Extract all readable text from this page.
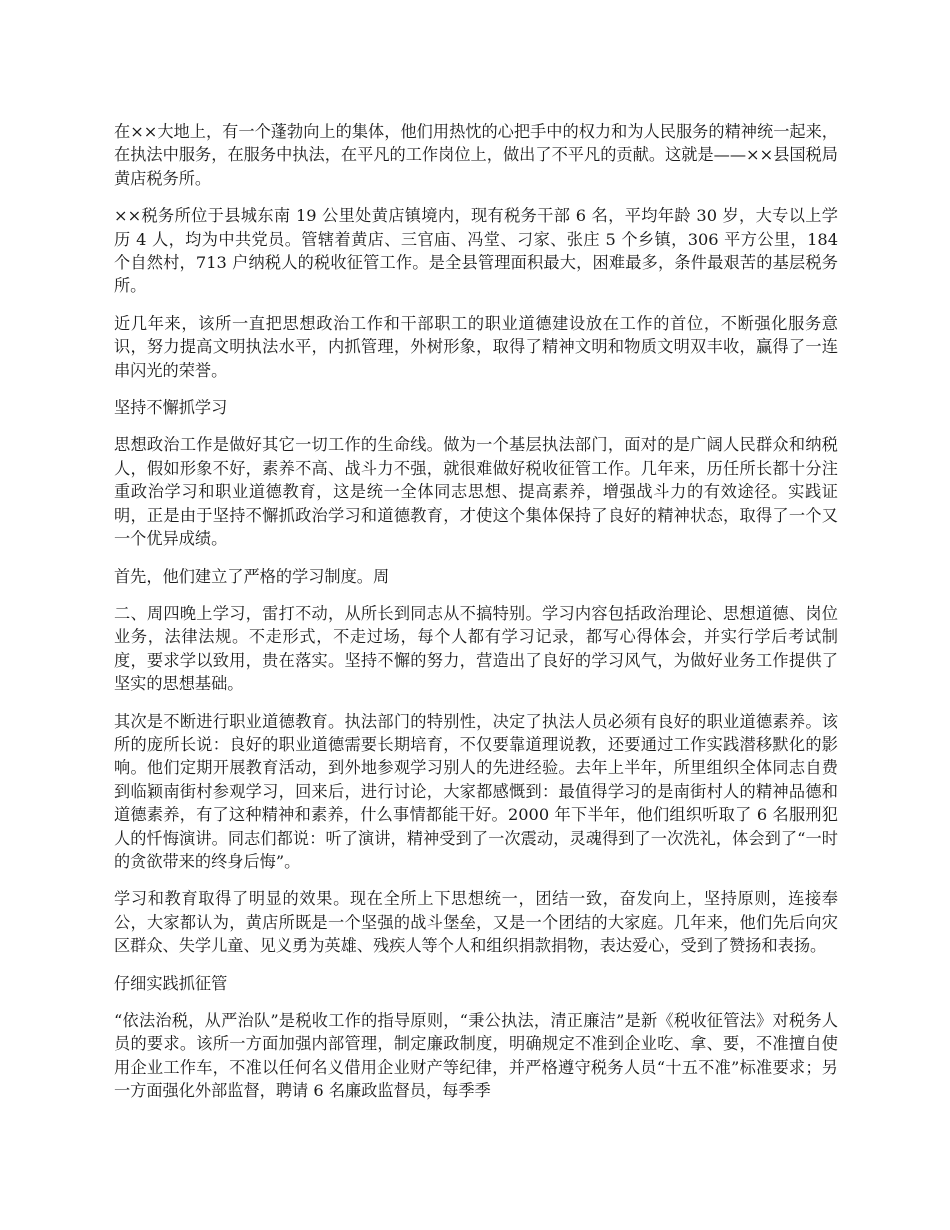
在××大地上，有一个蓬勃向上的集体，他们用热忱的心把手中的权力和为人民服务的精神统一起来，在执法中服务，在服务中执法，在平凡的工作岗位上，做出了不平凡的贡献。这就是——××县国税局黄店税务所。

××税务所位于县城东南 19 公里处黄店镇境内，现有税务干部 6 名，平均年龄 30 岁，大专以上学历 4 人，均为中共党员。管辖着黄店、三官庙、冯堂、刁家、张庄 5 个乡镇，306 平方公里，184 个自然村，713 户纳税人的税收征管工作。是全县管理面积最大，困难最多，条件最艰苦的基层税务所。

近几年来，该所一直把思想政治工作和干部职工的职业道德建设放在工作的首位，不断强化服务意识，努力提高文明执法水平，内抓管理，外树形象，取得了精神文明和物质文明双丰收，赢得了一连串闪光的荣誉。

坚持不懈抓学习

思想政治工作是做好其它一切工作的生命线。做为一个基层执法部门，面对的是广阔人民群众和纳税人，假如形象不好，素养不高、战斗力不强，就很难做好税收征管工作。几年来，历任所长都十分注重政治学习和职业道德教育，这是统一全体同志思想、提高素养，增强战斗力的有效途径。实践证明，正是由于坚持不懈抓政治学习和道德教育，才使这个集体保持了良好的精神状态，取得了一个又一个优异成绩。

首先，他们建立了严格的学习制度。周

二、周四晚上学习，雷打不动，从所长到同志从不搞特别。学习内容包括政治理论、思想道德、岗位业务，法律法规。不走形式，不走过场，每个人都有学习记录，都写心得体会，并实行学后考试制度，要求学以致用，贵在落实。坚持不懈的努力，营造出了良好的学习风气，为做好业务工作提供了坚实的思想基础。

其次是不断进行职业道德教育。执法部门的特别性，决定了执法人员必须有良好的职业道德素养。该所的庞所长说：良好的职业道德需要长期培育，不仅要靠道理说教，还要通过工作实践潜移默化的影响。他们定期开展教育活动，到外地参观学习别人的先进经验。去年上半年，所里组织全体同志自费到临颖南街村参观学习，回来后，进行讨论，大家都感慨到：最值得学习的是南街村人的精神品德和道德素养，有了这种精神和素养，什么事情都能干好。2000 年下半年，他们组织听取了 6 名服刑犯人的忏悔演讲。同志们都说：听了演讲，精神受到了一次震动，灵魂得到了一次洗礼，体会到了“一时的贪欲带来的终身后悔”。

学习和教育取得了明显的效果。现在全所上下思想统一，团结一致，奋发向上，坚持原则，连接奉公，大家都认为，黄店所既是一个坚强的战斗堡垒，又是一个团结的大家庭。几年来，他们先后向灾区群众、失学儿童、见义勇为英雄、残疾人等个人和组织捐款捐物，表达爱心，受到了赞扬和表扬。

仔细实践抓征管

“依法治税，从严治队”是税收工作的指导原则，“秉公执法，清正廉洁”是新《税收征管法》对税务人员的要求。该所一方面加强内部管理，制定廉政制度，明确规定不准到企业吃、拿、要，不准擅自使用企业工作车，不准以任何名义借用企业财产等纪律，并严格遵守税务人员“十五不准”标准要求；另一方面强化外部监督，聘请 6 名廉政监督员，每季季
